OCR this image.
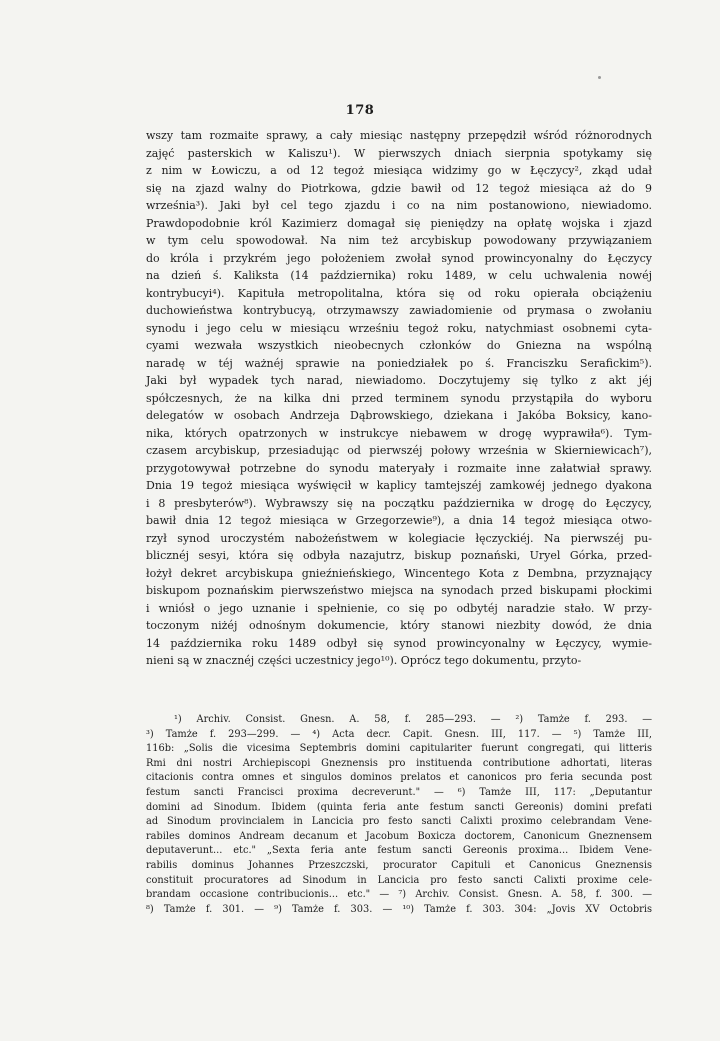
178
wszy tam rozmaite sprawy, a cały miesiąc następny przepędził wśród różnorodnych
zajęć pasterskich w Kaliszu¹). W pierwszych dniach sierpnia spotykamy się
z nim w Łowiczu, a od 12 tegoż miesiąca widzimy go w Łęczycy², zkąd udał
się na zjazd walny do Piotrkowa, gdzie bawił od 12 tegoż miesiąca aż do 9
września³). Jaki był cel tego zjazdu i co na nim postanowiono, niewiadomo.
Prawdopodobnie król Kazimierz domagał się pieniędzy na opłatę wojska i zjazd
w tym celu spowodował. Na nim też arcybiskup powodowany przywiązaniem
do króla i przykrém jego położeniem zwołał synod prowincyonalny do Łęczycy
na dzień ś. Kaliksta (14 października) roku 1489, w celu uchwalenia nowéj
kontrybucyi⁴). Kapituła metropolitalna, która się od roku opierała obciążeniu
duchowieństwa kontrybucyą, otrzymawszy zawiadomienie od prymasa o zwołaniu
synodu i jego celu w miesiącu wrześniu tegoż roku, natychmiast osobnemi cyta-
cyami wezwała wszystkich nieobecnych członków do Gniezna na wspólną
naradę w téj ważnéj sprawie na poniedziałek po ś. Franciszku Serafickim⁵).
Jaki był wypadek tych narad, niewiadomo. Doczytujemy się tylko z akt jéj
spółczesnych, że na kilka dni przed terminem synodu przystąpiła do wyboru
delegatów w osobach Andrzeja Dąbrowskiego, dziekana i Jakóba Boksicy, kano-
nika, których opatrzonych w instrukcye niebawem w drogę wyprawiła⁶). Tym-
czasem arcybiskup, przesiadując od pierwszéj połowy września w Skierniewicach⁷),
przygotowywał potrzebne do synodu materyały i rozmaite inne załatwiał sprawy.
Dnia 19 tegoż miesiąca wyświęcił w kaplicy tamtejszéj zamkowéj jednego dyakona
i 8 presbyterów⁸). Wybrawszy się na początku października w drogę do Łęczycy,
bawił dnia 12 tegoż miesiąca w Grzegorzewie⁹), a dnia 14 tegoż miesiąca otwo-
rzył synod uroczystém nabożeństwem w kolegiacie łęczyckiéj. Na pierwszéj pu-
blicznéj sesyi, która się odbyła nazajutrz, biskup poznański, Uryel Górka, przed-
łożył dekret arcybiskupa gnieźnieńskiego, Wincentego Kota z Dembna, przyznający
biskupom poznańskim pierwszeństwo miejsca na synodach przed biskupami płockimi
i wniósł o jego uznanie i spełnienie, co się po odbytéj naradzie stało. W przy-
toczonym niżéj odnośnym dokumencie, który stanowi niezbity dowód, że dnia
14 października roku 1489 odbył się synod prowincyonalny w Łęczycy, wymie-
nieni są w znacznéj części uczestnicy jego¹⁰). Oprócz tego dokumentu, przyto-
¹) Archiv. Consist. Gnesn. A. 58, f. 285—293. — ²) Tamże f. 293. —
³) Tamże f. 293—299. — ⁴) Acta decr. Capit. Gnesn. III, 117. — ⁵) Tamże III,
116b: „Solis die vicesima Septembris domini capitulariter fuerunt congregati, qui litteris
Rmi dni nostri Archiepiscopi Gneznensis pro instituenda contributione adhortati, literas
citacionis contra omnes et singulos dominos prelatos et canonicos pro feria secunda post
festum sancti Francisci proxima decreverunt." — ⁶) Tamże III, 117: „Deputantur
domini ad Sinodum. Ibidem (quinta feria ante festum sancti Gereonis) domini prefati
ad Sinodum provincialem in Lancicia pro festo sancti Calixti proximo celebrandam Vene-
rabiles dominos Andream decanum et Jacobum Boxicza doctorem, Canonicum Gneznensem
deputaverunt... etc." „Sexta feria ante festum sancti Gereonis proxima... Ibidem Vene-
rabilis dominus Johannes Przeszczski, procurator Capituli et Canonicus Gneznensis
constituit procuratores ad Sinodum in Lancicia pro festo sancti Calixti proxime cele-
brandam occasione contribucionis... etc." — ⁷) Archiv. Consist. Gnesn. A. 58, f. 300. —
⁸) Tamże f. 301. — ⁹) Tamże f. 303. — ¹⁰) Tamże f. 303. 304: „Jovis XV Octobris
